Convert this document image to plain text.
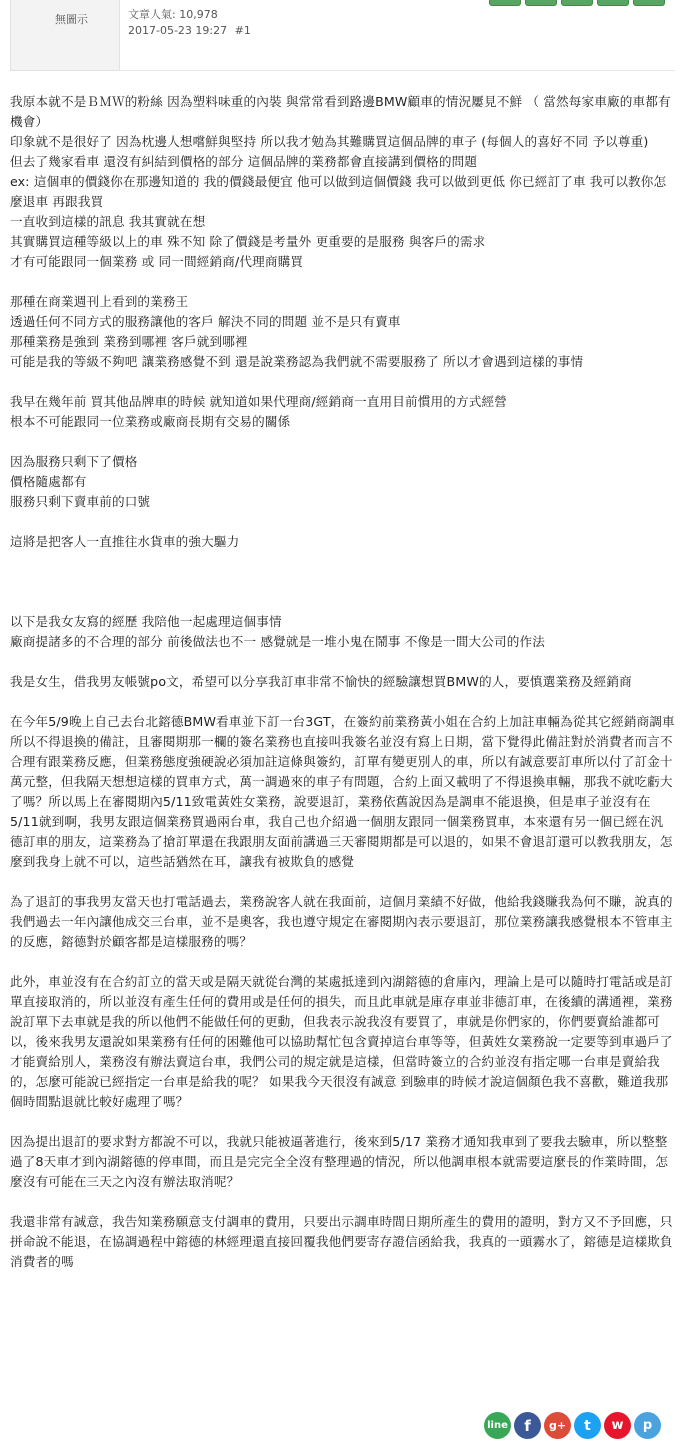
無圖示	文章人氣: 10,978
2017-05-23 19:27 #1

我原本就不是ＢＭＷ的粉絲 因為塑料味重的內裝 與常常看到路邊BMW顧車的情況屢見不鮮 （ 當然每家車廠的車都有機會）

印象就不是很好了 因為枕邊人想嚐鮮與堅持 所以我才勉為其難購買這個品牌的車子 (每個人的喜好不同 予以尊重)

但去了幾家看車 還沒有糾結到價格的部分 這個品牌的業務都會直接講到價格的問題

ex: 這個車的價錢你在那邊知道的 我的價錢最便宜 他可以做到這個價錢 我可以做到更低 你已經訂了車 我可以教你怎麼退車 再跟我買

一直收到這樣的訊息 我其實就在想

其實購買這種等級以上的車 殊不知 除了價錢是考量外 更重要的是服務 與客戶的需求

才有可能跟同一個業務 或 同一間經銷商/代理商購買

那種在商業週刊上看到的業務王

透過任何不同方式的服務讓他的客戶 解決不同的問題 並不是只有賣車

那種業務是強到 業務到哪裡 客戶就到哪裡

可能是我的等級不夠吧 讓業務感覺不到 還是說業務認為我們就不需要服務了 所以才會遇到這樣的事情

我早在幾年前 買其他品牌車的時候 就知道如果代理商/經銷商一直用目前慣用的方式經營

根本不可能跟同一位業務或廠商長期有交易的關係

因為服務只剩下了價格

價格隨處都有

服務只剩下賣車前的口號

這將是把客人一直推往水貨車的強大驅力

以下是我女友寫的經歷 我陪他一起處理這個事情

廠商提諸多的不合理的部分 前後做法也不一 感覺就是一堆小鬼在鬧事 不像是一間大公司的作法

我是女生，借我男友帳號po文，希望可以分享我訂車非常不愉快的經驗讓想買BMW的人，要慎選業務及經銷商

在今年5/9晚上自己去台北鎔德BMW看車並下訂一台3GT，在簽約前業務黃小姐在合約上加註車輛為從其它經銷商調車所以不得退換的備註，且審閱期那一欄的簽名業務也直接叫我簽名並沒有寫上日期，當下覺得此備註對於消費者而言不合理有跟業務反應，但業務態度強硬說必須加註這條與簽約，訂單有變更別人的車，所以有誠意要訂車所以付了訂金十萬元整，但我隔天想想這樣的買車方式，萬一調過來的車子有問題，合約上面又載明了不得退換車輛，那我不就吃虧大了嗎？所以馬上在審閱期內5/11致電黃姓女業務，說要退訂，業務依舊說因為是調車不能退換，但是車子並沒有在5/11就到啊，我男友跟這個業務買過兩台車，我自己也介紹過一個朋友跟同一個業務買車，本來還有另一個已經在汎德訂車的朋友，這業務為了搶訂單還在我跟朋友面前講過三天審閱期都是可以退的，如果不會退訂還可以教我朋友，怎麼到我身上就不可以，這些話猶然在耳，讓我有被欺負的感覺

為了退訂的事我男友當天也打電話過去，業務說客人就在我面前，這個月業績不好做，他給我錢賺我為何不賺，說真的我們過去一年內讓他成交三台車，並不是奧客，我也遵守規定在審閱期內表示要退訂，那位業務讓我感覺根本不管車主的反應，鎔德對於顧客都是這樣服務的嗎？

此外，車並沒有在合約訂立的當天或是隔天就從台灣的某處抵達到內湖鎔德的倉庫內，理論上是可以隨時打電話或是訂單直接取消的，所以並沒有產生任何的費用或是任何的損失，而且此車就是庫存車並非德訂車，在後續的溝通裡，業務說訂單下去車就是我的所以他們不能做任何的更動，但我表示說我沒有要買了，車就是你們家的，你們要賣給誰都可以，後來我男友還說如果業務有任何的困難他可以協助幫忙包含賣掉這台車等等，但黃姓女業務說一定要等到車過戶了才能賣給別人，業務沒有辦法賣這台車，我們公司的規定就是這樣，但當時簽立的合約並沒有指定哪一台車是賣給我的，怎麼可能說已經指定一台車是給我的呢？ 如果我今天很沒有誠意 到驗車的時候才說這個顏色我不喜歡，難道我那個時間點退就比較好處理了嗎？

因為提出退訂的要求對方都說不可以，我就只能被逼著進行，後來到5/17 業務才通知我車到了要我去驗車，所以整整過了8天車才到內湖鎔德的停車間，而且是完完全全沒有整理過的情況，所以他調車根本就需要這麼長的作業時間，怎麼沒有可能在三天之內沒有辦法取消呢？

我還非常有誠意，我告知業務願意支付調車的費用，只要出示調車時間日期所產生的費用的證明，對方又不予回應，只拼命說不能退，在協調過程中鎔德的林經理還直接回覆我他們要寄存證信函給我，我真的一頭霧水了，鎔德是這樣欺負消費者的嗎

line	f	g+	t	w	p
